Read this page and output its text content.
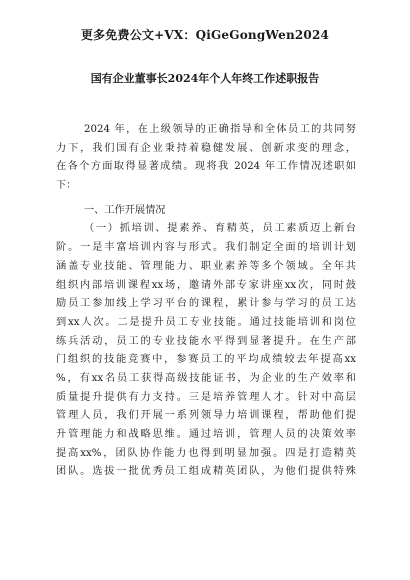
更多免费公文+VX：QiGeGongWen2024
国有企业董事长2024年个人年终工作述职报告
2024 年，在上级领导的正确指导和全体员工的共同努
力下，我们国有企业秉持着稳健发展、创新求变的理念，
在各个方面取得显著成绩。现将我 2024 年工作情况述职如
下：
一、工作开展情况
（一）抓培训、提素养、育精英，员工素质迈上新台
阶。一是丰富培训内容与形式。我们制定全面的培训计划
涵盖专业技能、管理能力、职业素养等多个领域。全年共
组织内部培训课程xx场，邀请外部专家讲座xx次，同时鼓
励员工参加线上学习平台的课程，累计参与学习的员工达
到xx人次。二是提升员工专业技能。通过技能培训和岗位
练兵活动，员工的专业技能水平得到显著提升。在生产部
门组织的技能竞赛中，参赛员工的平均成绩较去年提高xx
%，有xx名员工获得高级技能证书，为企业的生产效率和
质量提升提供有力支持。三是培养管理人才。针对中高层
管理人员，我们开展一系列领导力培训课程，帮助他们提
升管理能力和战略思维。通过培训，管理人员的决策效率
提高xx%，团队协作能力也得到明显加强。四是打造精英
团队。选拔一批优秀员工组成精英团队，为他们提供特殊
